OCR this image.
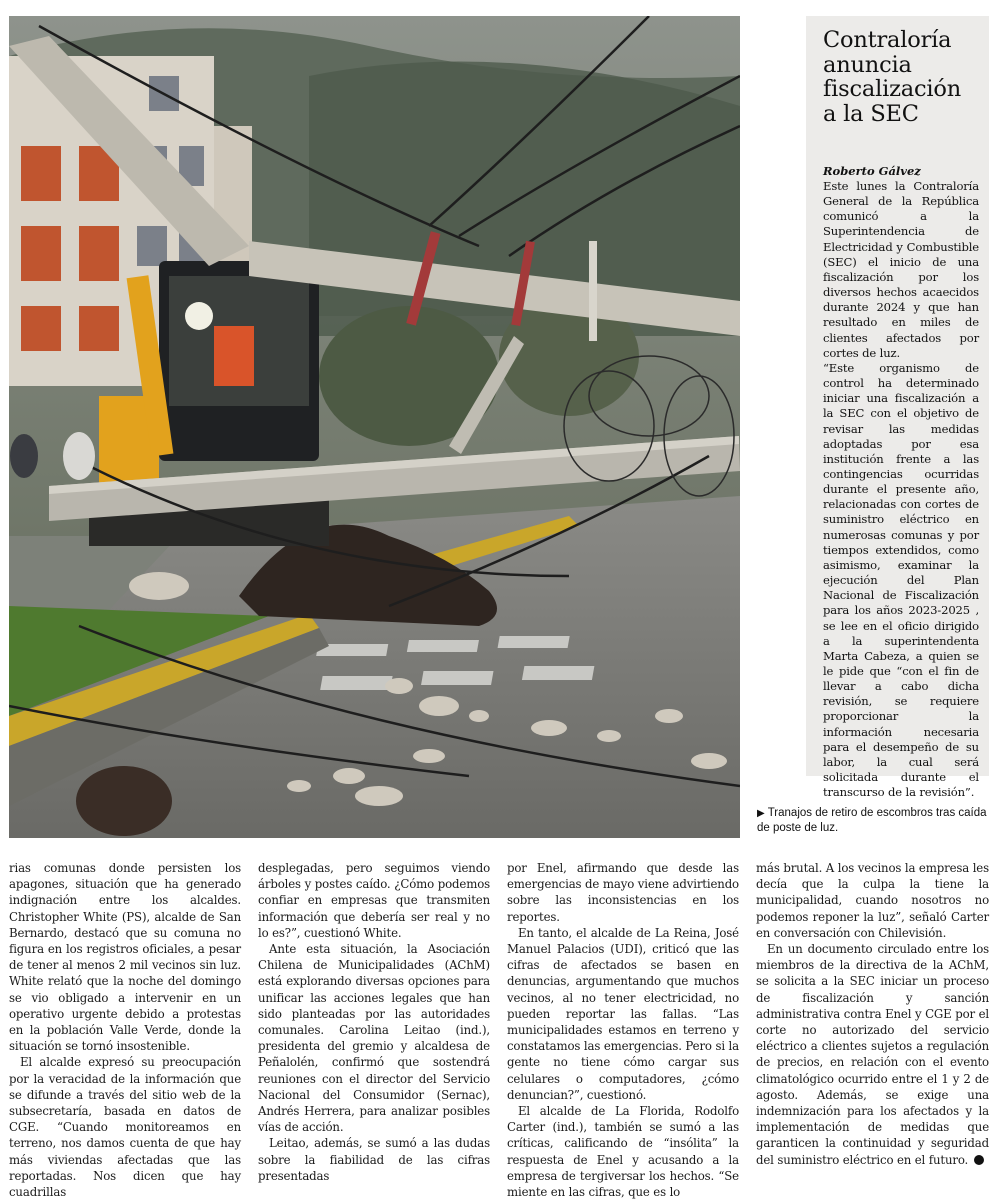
Contraloría anuncia fiscalización a la SEC
Roberto Gálvez

Este lunes la Contraloría General de la República comunicó a la Superintendencia de Electricidad y Combustible (SEC) el inicio de una fiscalización por los diversos hechos acaecidos durante 2024 y que han resultado en miles de clientes afectados por cortes de luz.

“Este organismo de control ha determinado iniciar una fiscalización a la SEC con el objetivo de revisar las medidas adoptadas por esa institución frente a las contingencias ocurridas durante el presente año, relacionadas con cortes de suministro eléctrico en numerosas comunas y por tiempos extendidos, como asimismo, examinar la ejecución del Plan Nacional de Fiscalización para los años 2023-2025 , se lee en el oficio dirigido a la superintendenta Marta Cabeza, a quien se le pide que “con el fin de llevar a cabo dicha revisión, se requiere proporcionar la información necesaria para el desempeño de su labor, la cual será solicitada durante el transcurso de la revisión”.

▶ Tranajos de retiro de escombros tras caída de poste de luz.

rias comunas donde persisten los apagones, situación que ha generado indignación entre los alcaldes. Christopher White (PS), alcalde de San Bernardo, destacó que su comuna no figura en los registros oficiales, a pesar de tener al menos 2 mil vecinos sin luz. White relató que la noche del domingo se vio obligado a intervenir en un operativo urgente debido a protestas en la población Valle Verde, donde la situación se tornó insostenible.

El alcalde expresó su preocupación por la veracidad de la información que se difunde a través del sitio web de la subsecretaría, basada en datos de CGE. “Cuando monitoreamos en terreno, nos damos cuenta de que hay más viviendas afectadas que las reportadas. Nos dicen que hay cuadrillas

desplegadas, pero seguimos viendo árboles y postes caído. ¿Cómo podemos confiar en empresas que transmiten información que debería ser real y no lo es?”, cuestionó White.

Ante esta situación, la Asociación Chilena de Municipalidades (AChM) está explorando diversas opciones para unificar las acciones legales que han sido planteadas por las autoridades comunales. Carolina Leitao (ind.), presidenta del gremio y alcaldesa de Peñalolén, confirmó que sostendrá reuniones con el director del Servicio Nacional del Consumidor (Sernac), Andrés Herrera, para analizar posibles vías de acción.

Leitao, además, se sumó a las dudas sobre la fiabilidad de las cifras presentadas

por Enel, afirmando que desde las emergencias de mayo viene advirtiendo sobre las inconsistencias en los reportes.

En tanto, el alcalde de La Reina, José Manuel Palacios (UDI), criticó que las cifras de afectados se basen en denuncias, argumentando que muchos vecinos, al no tener electricidad, no pueden reportar las fallas. “Las municipalidades estamos en terreno y constatamos las emergencias. Pero si la gente no tiene cómo cargar sus celulares o computadores, ¿cómo denuncian?”, cuestionó.

El alcalde de La Florida, Rodolfo Carter (ind.), también se sumó a las críticas, calificando de “insólita” la respuesta de Enel y acusando a la empresa de tergiversar los hechos. “Se miente en las cifras, que es lo

más brutal. A los vecinos la empresa les decía que la culpa la tiene la municipalidad, cuando nosotros no podemos reponer la luz”, señaló Carter en conversación con Chilevisión.

En un documento circulado entre los miembros de la directiva de la AChM, se solicita a la SEC iniciar un proceso de fiscalización y sanción administrativa contra Enel y CGE por el corte no autorizado del servicio eléctrico a clientes sujetos a regulación de precios, en relación con el evento climatológico ocurrido entre el 1 y 2 de agosto. Además, se exige una indemnización para los afectados y la implementación de medidas que garanticen la continuidad y seguridad del suministro eléctrico en el futuro.
